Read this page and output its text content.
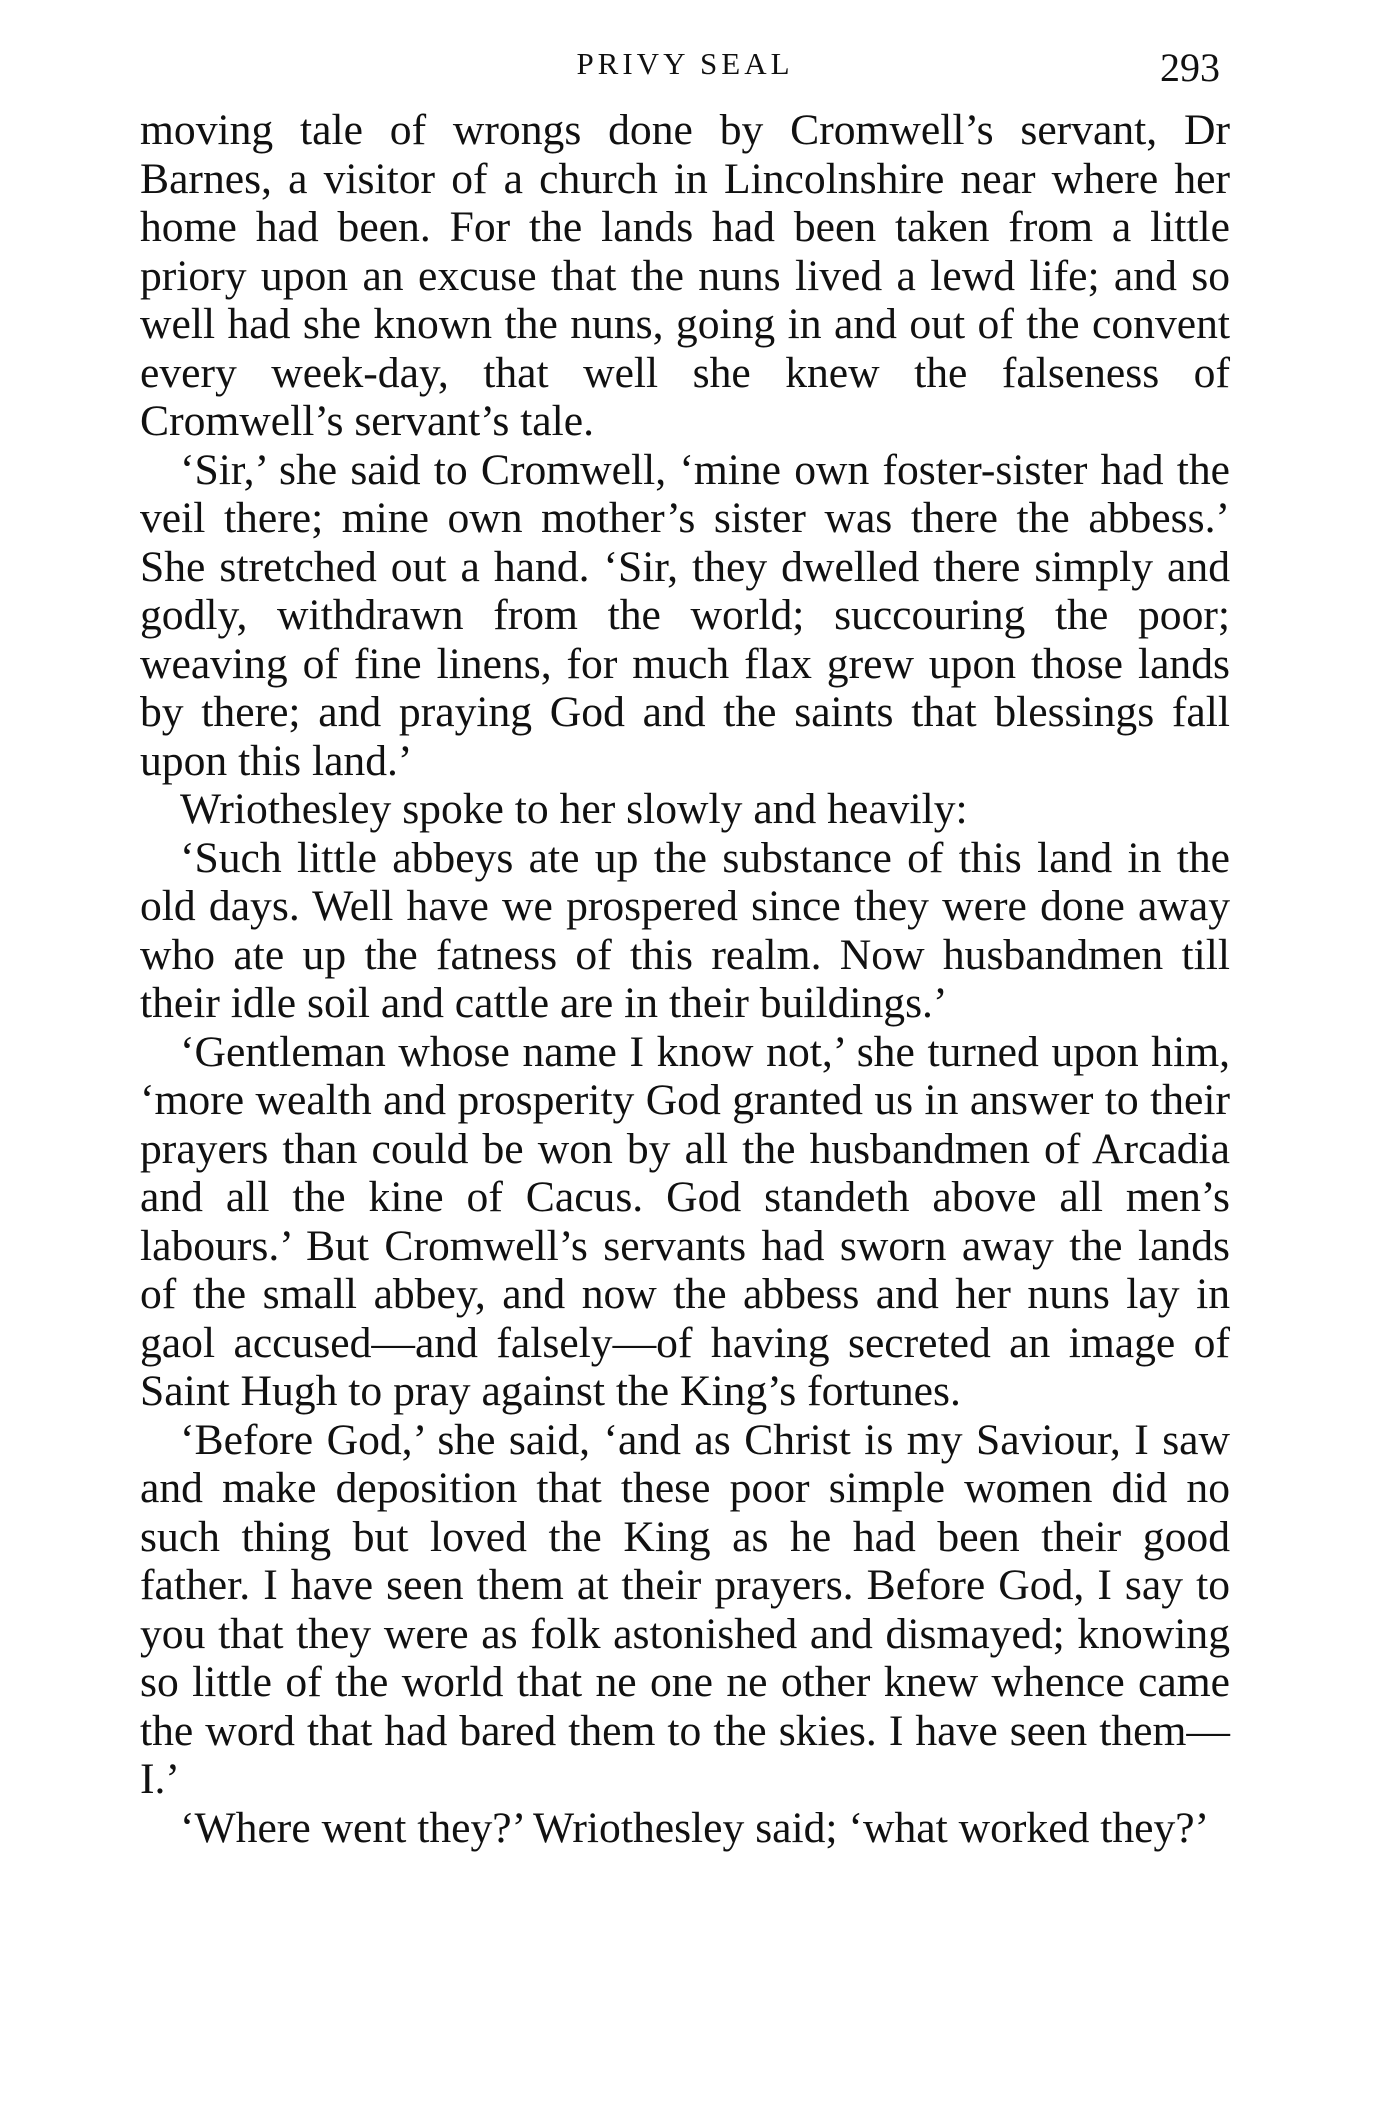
PRIVY SEAL	293

moving tale of wrongs done by Cromwell’s servant, Dr Barnes, a visitor of a church in Lincolnshire near where her home had been. For the lands had been taken from a little priory upon an excuse that the nuns lived a lewd life; and so well had she known the nuns, going in and out of the convent every week-day, that well she knew the falseness of Cromwell’s servant’s tale.

‘Sir,’ she said to Cromwell, ‘mine own foster-sister had the veil there; mine own mother’s sister was there the abbess.’ She stretched out a hand. ‘Sir, they dwelled there simply and godly, withdrawn from the world; succouring the poor; weaving of fine linens, for much flax grew upon those lands by there; and praying God and the saints that blessings fall upon this land.’

Wriothesley spoke to her slowly and heavily:

‘Such little abbeys ate up the substance of this land in the old days. Well have we prospered since they were done away who ate up the fatness of this realm. Now husbandmen till their idle soil and cattle are in their buildings.’

‘Gentleman whose name I know not,’ she turned upon him, ‘more wealth and prosperity God granted us in answer to their prayers than could be won by all the husbandmen of Arcadia and all the kine of Cacus. God standeth above all men’s labours.’ But Cromwell’s servants had sworn away the lands of the small abbey, and now the abbess and her nuns lay in gaol accused—and falsely—of having secreted an image of Saint Hugh to pray against the King’s fortunes.

‘Before God,’ she said, ‘and as Christ is my Saviour, I saw and make deposition that these poor simple women did no such thing but loved the King as he had been their good father. I have seen them at their prayers. Before God, I say to you that they were as folk astonished and dismayed; knowing so little of the world that ne one ne other knew whence came the word that had bared them to the skies. I have seen them—I.’

‘Where went they?’ Wriothesley said; ‘what worked they?’
